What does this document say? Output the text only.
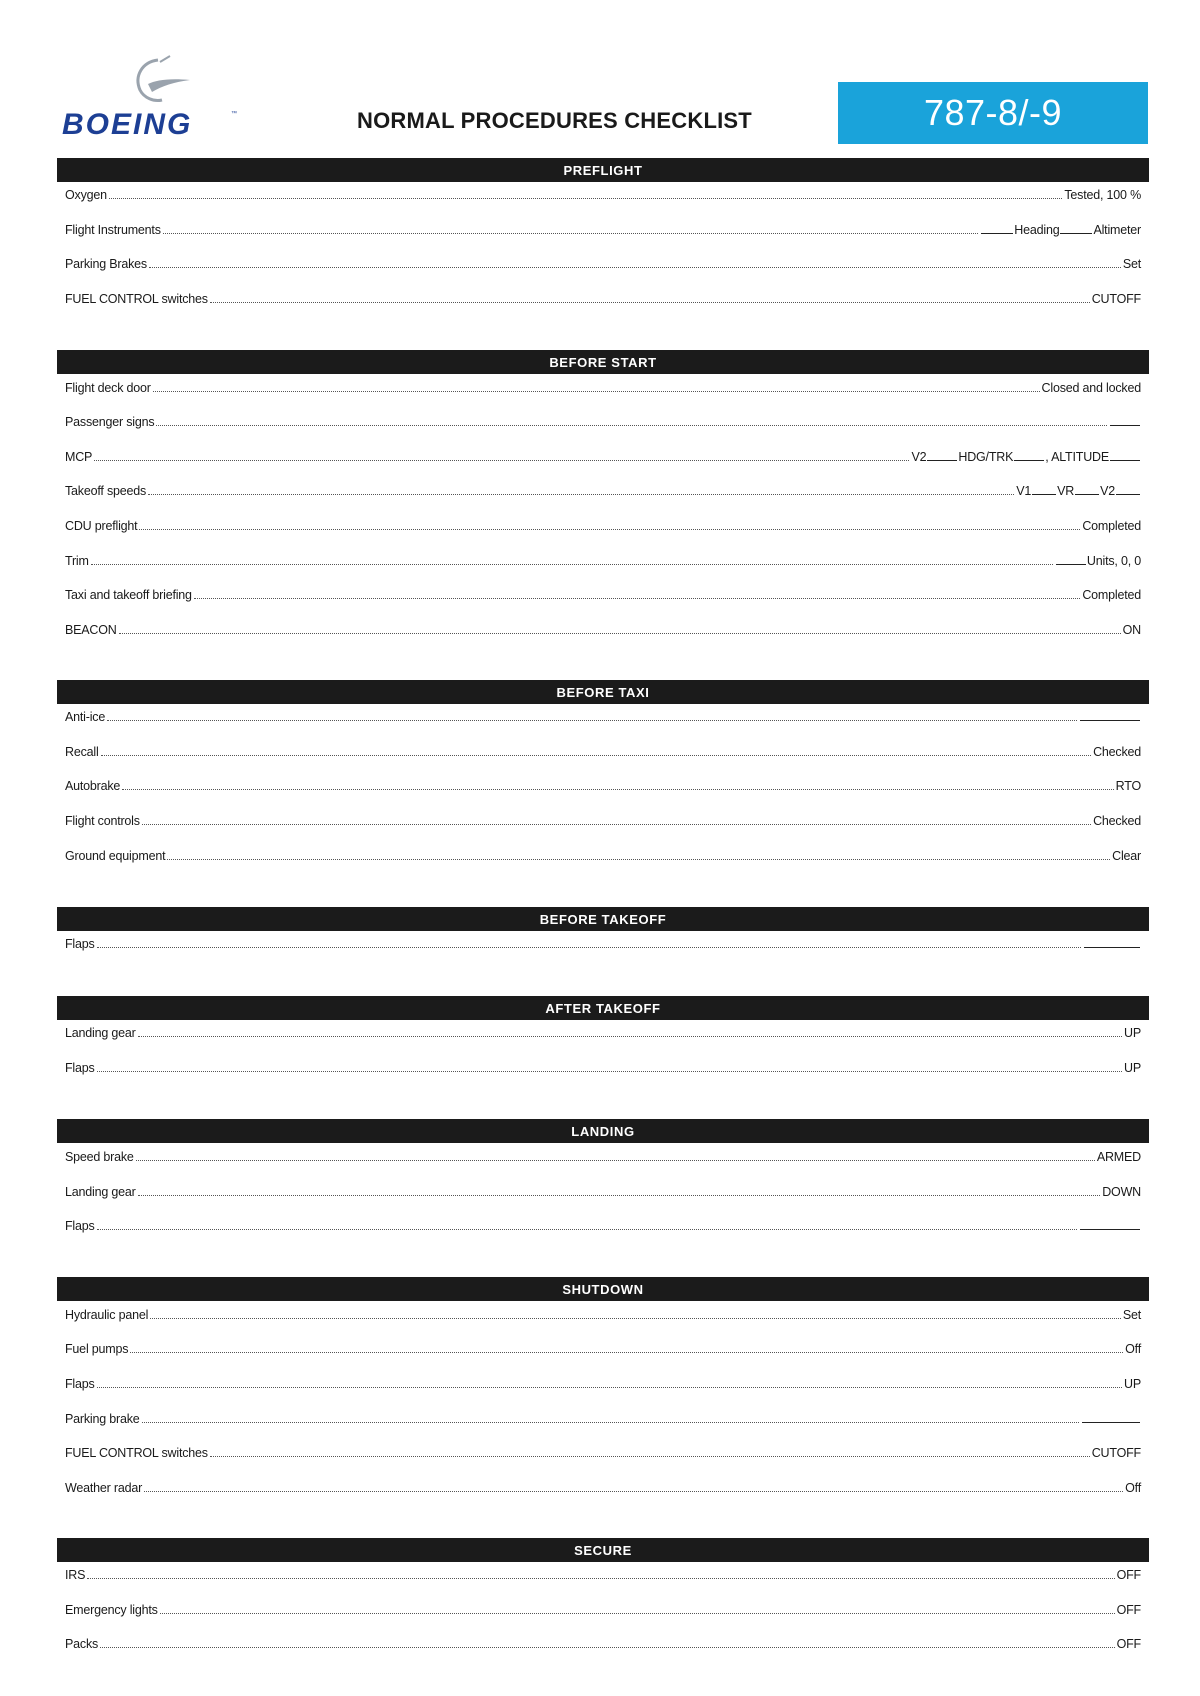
BOEING	™	NORMAL PROCEDURES CHECKLIST	787-8/-9
PREFLIGHT
Oxygen	Tested, 100 %
Flight Instruments	Heading	Altimeter
Parking Brakes	Set
FUEL CONTROL switches	CUTOFF
BEFORE START
Flight deck door	Closed and locked
Passenger signs
MCP	V2	HDG/TRK	, ALTITUDE
Takeoff speeds	V1 VR V2
CDU preflight	Completed
Trim	Units, 0, 0
Taxi and takeoff briefing	Completed
BEACON	ON
BEFORE TAXI
Anti-ice
Recall	Checked
Autobrake	RTO
Flight controls	Checked
Ground equipment	Clear
BEFORE TAKEOFF
Flaps
AFTER TAKEOFF
Landing gear	UP
Flaps	UP
LANDING
Speed brake	ARMED
Landing gear	DOWN
Flaps
SHUTDOWN
Hydraulic panel	Set
Fuel pumps	Off
Flaps	UP
Parking brake
FUEL CONTROL switches	CUTOFF
Weather radar	Off
SECURE
IRS	OFF
Emergency lights	OFF
Packs	OFF
